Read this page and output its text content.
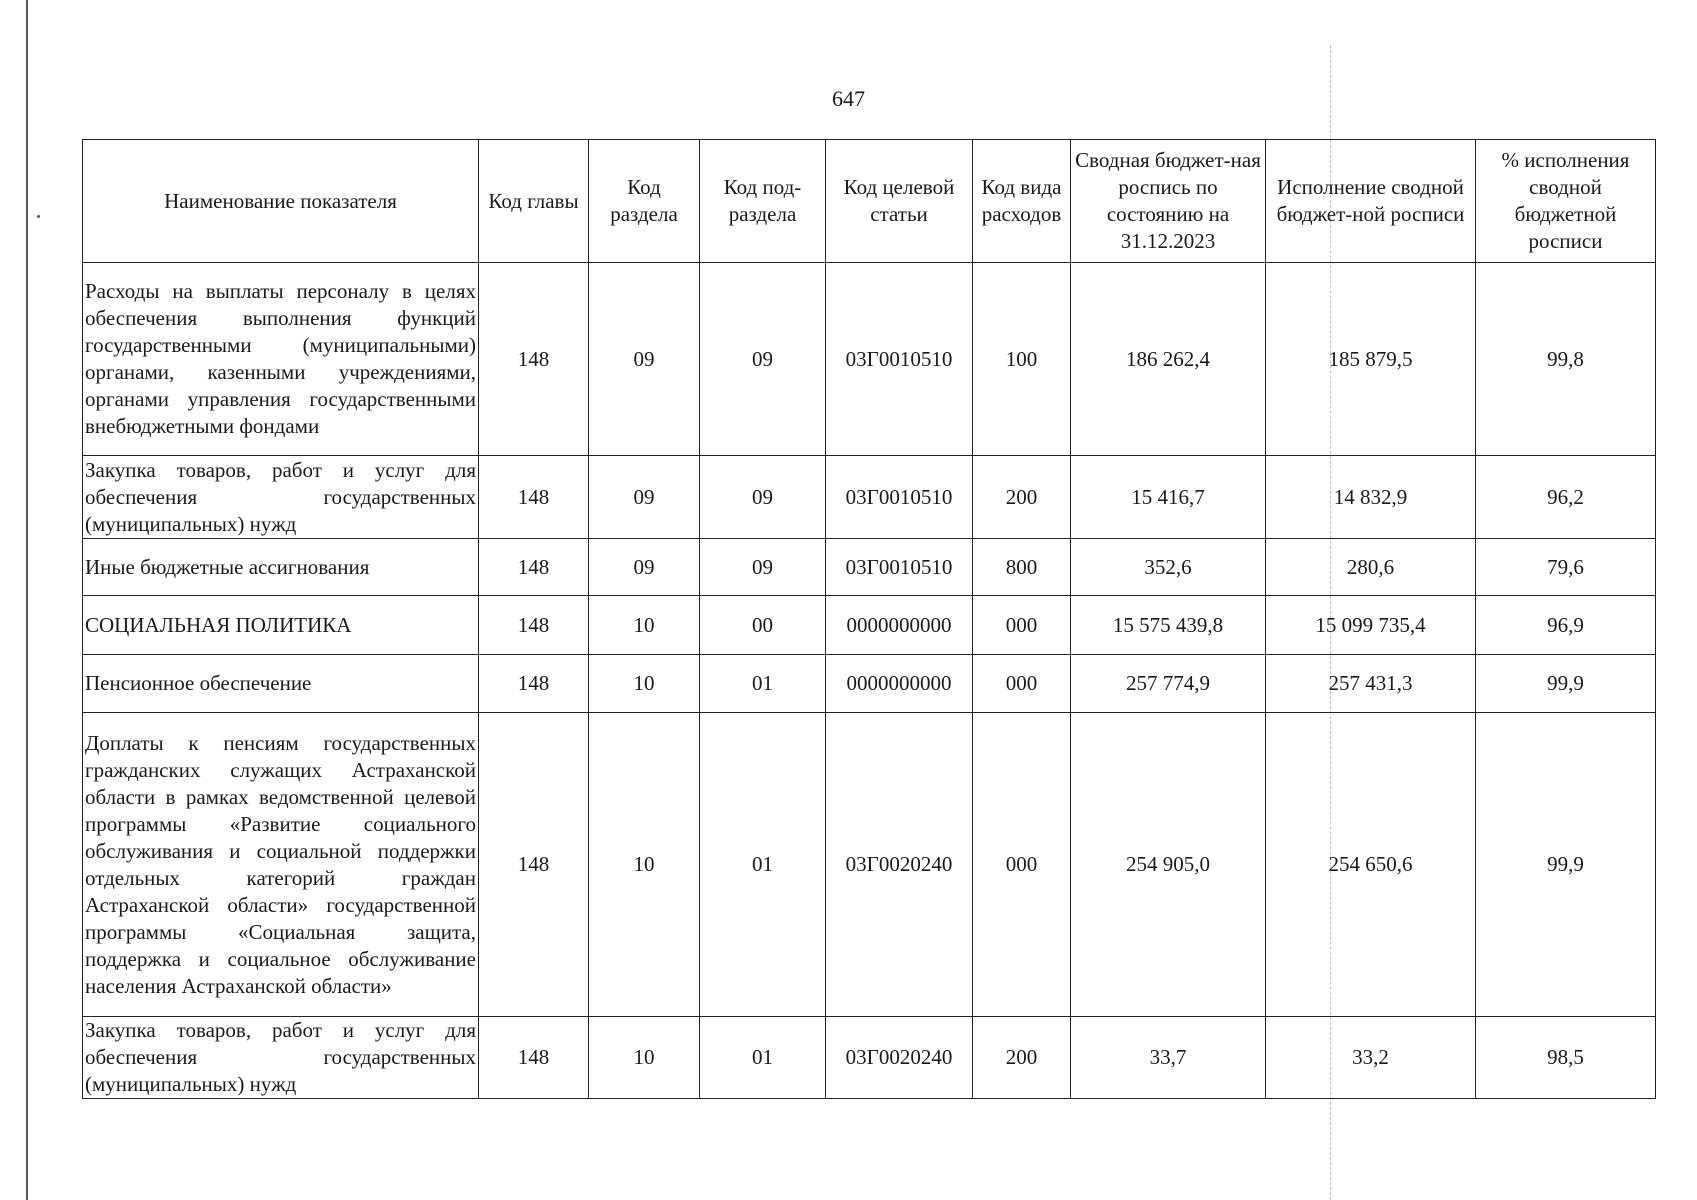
647
Наименование показателя	Код главы	Код раздела	Код под-раздела	Код целевой статьи	Код вида расходов	Сводная бюджет-ная роспись по состоянию на 31.12.2023	Исполнение сводной бюджет-ной росписи	% исполнения сводной бюджетной росписи
Расходы на выплаты персоналу в целях обеспечения выполнения функций государственными (муниципальными) органами, казенными учреждениями, органами управления государственными внебюджетными фондами	148	09	09	03Г0010510	100	186 262,4	185 879,5	99,8
Закупка товаров, работ и услуг для обеспечения государственных (муниципальных) нужд	148	09	09	03Г0010510	200	15 416,7	14 832,9	96,2
Иные бюджетные ассигнования	148	09	09	03Г0010510	800	352,6	280,6	79,6
СОЦИАЛЬНАЯ ПОЛИТИКА	148	10	00	0000000000	000	15 575 439,8	15 099 735,4	96,9
Пенсионное обеспечение	148	10	01	0000000000	000	257 774,9	257 431,3	99,9
Доплаты к пенсиям государственных гражданских служащих Астраханской области в рамках ведомственной целевой программы «Развитие социального обслуживания и социальной поддержки отдельных категорий граждан Астраханской области» государственной программы «Социальная защита, поддержка и социальное обслуживание населения Астраханской области»	148	10	01	03Г0020240	000	254 905,0	254 650,6	99,9
Закупка товаров, работ и услуг для обеспечения государственных (муниципальных) нужд	148	10	01	03Г0020240	200	33,7	33,2	98,5
